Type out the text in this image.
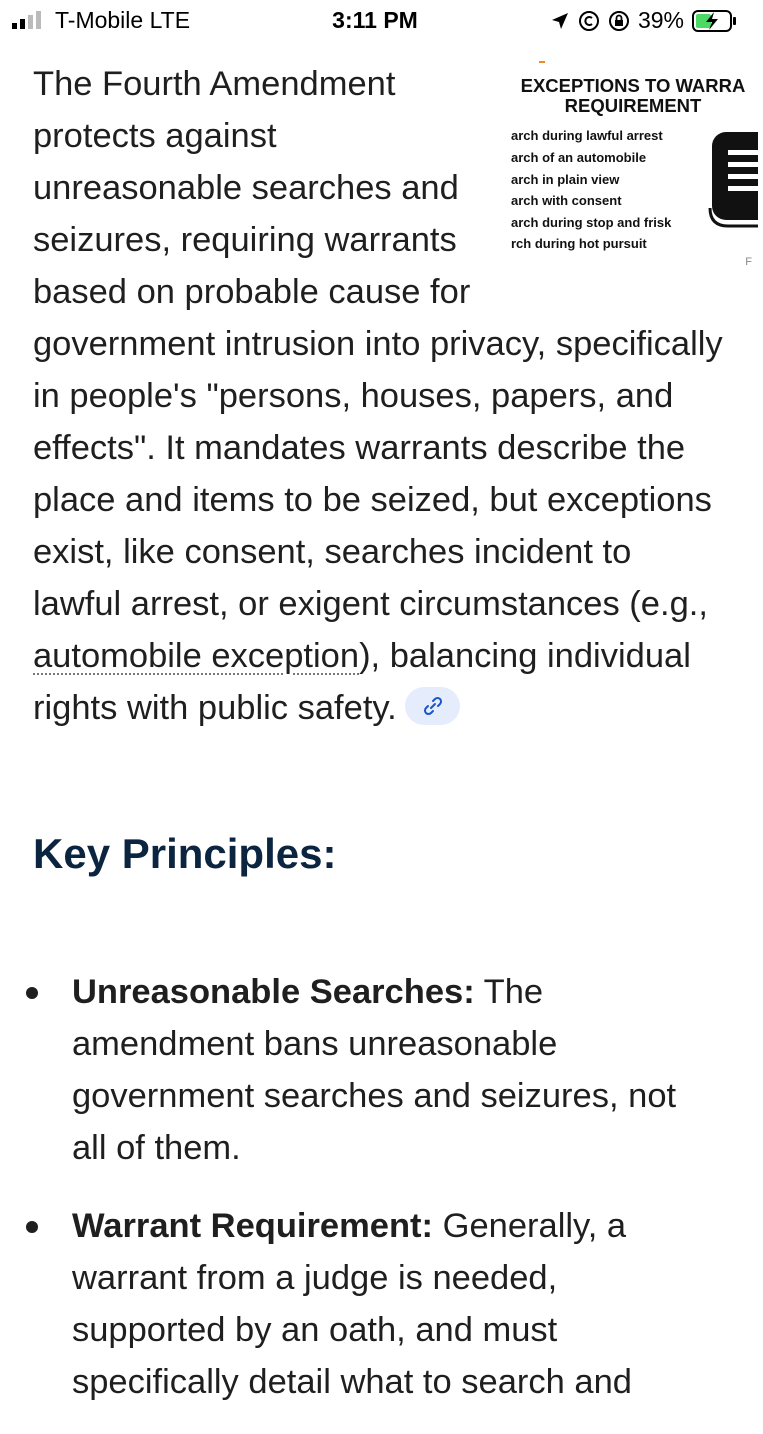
T-Mobile LTE	3:11 PM	39%
EXCEPTIONS TO WARRA
REQUIREMENT
arch during lawful arrest
arch of an automobile
arch in plain view
arch with consent
arch during stop and frisk
rch during hot pursuit
F

The Fourth Amendment protects against unreasonable searches and seizures, requiring warrants based on probable cause for government intrusion into privacy, specifically in people's "persons, houses, papers, and effects". It mandates warrants describe the place and items to be seized, but exceptions exist, like consent, searches incident to lawful arrest, or exigent circumstances (e.g., automobile exception), balancing individual rights with public safety.

Key Principles:
Unreasonable Searches: The amendment bans unreasonable government searches and seizures, not all of them.
Warrant Requirement: Generally, a warrant from a judge is needed, supported by an oath, and must specifically detail what to search and
